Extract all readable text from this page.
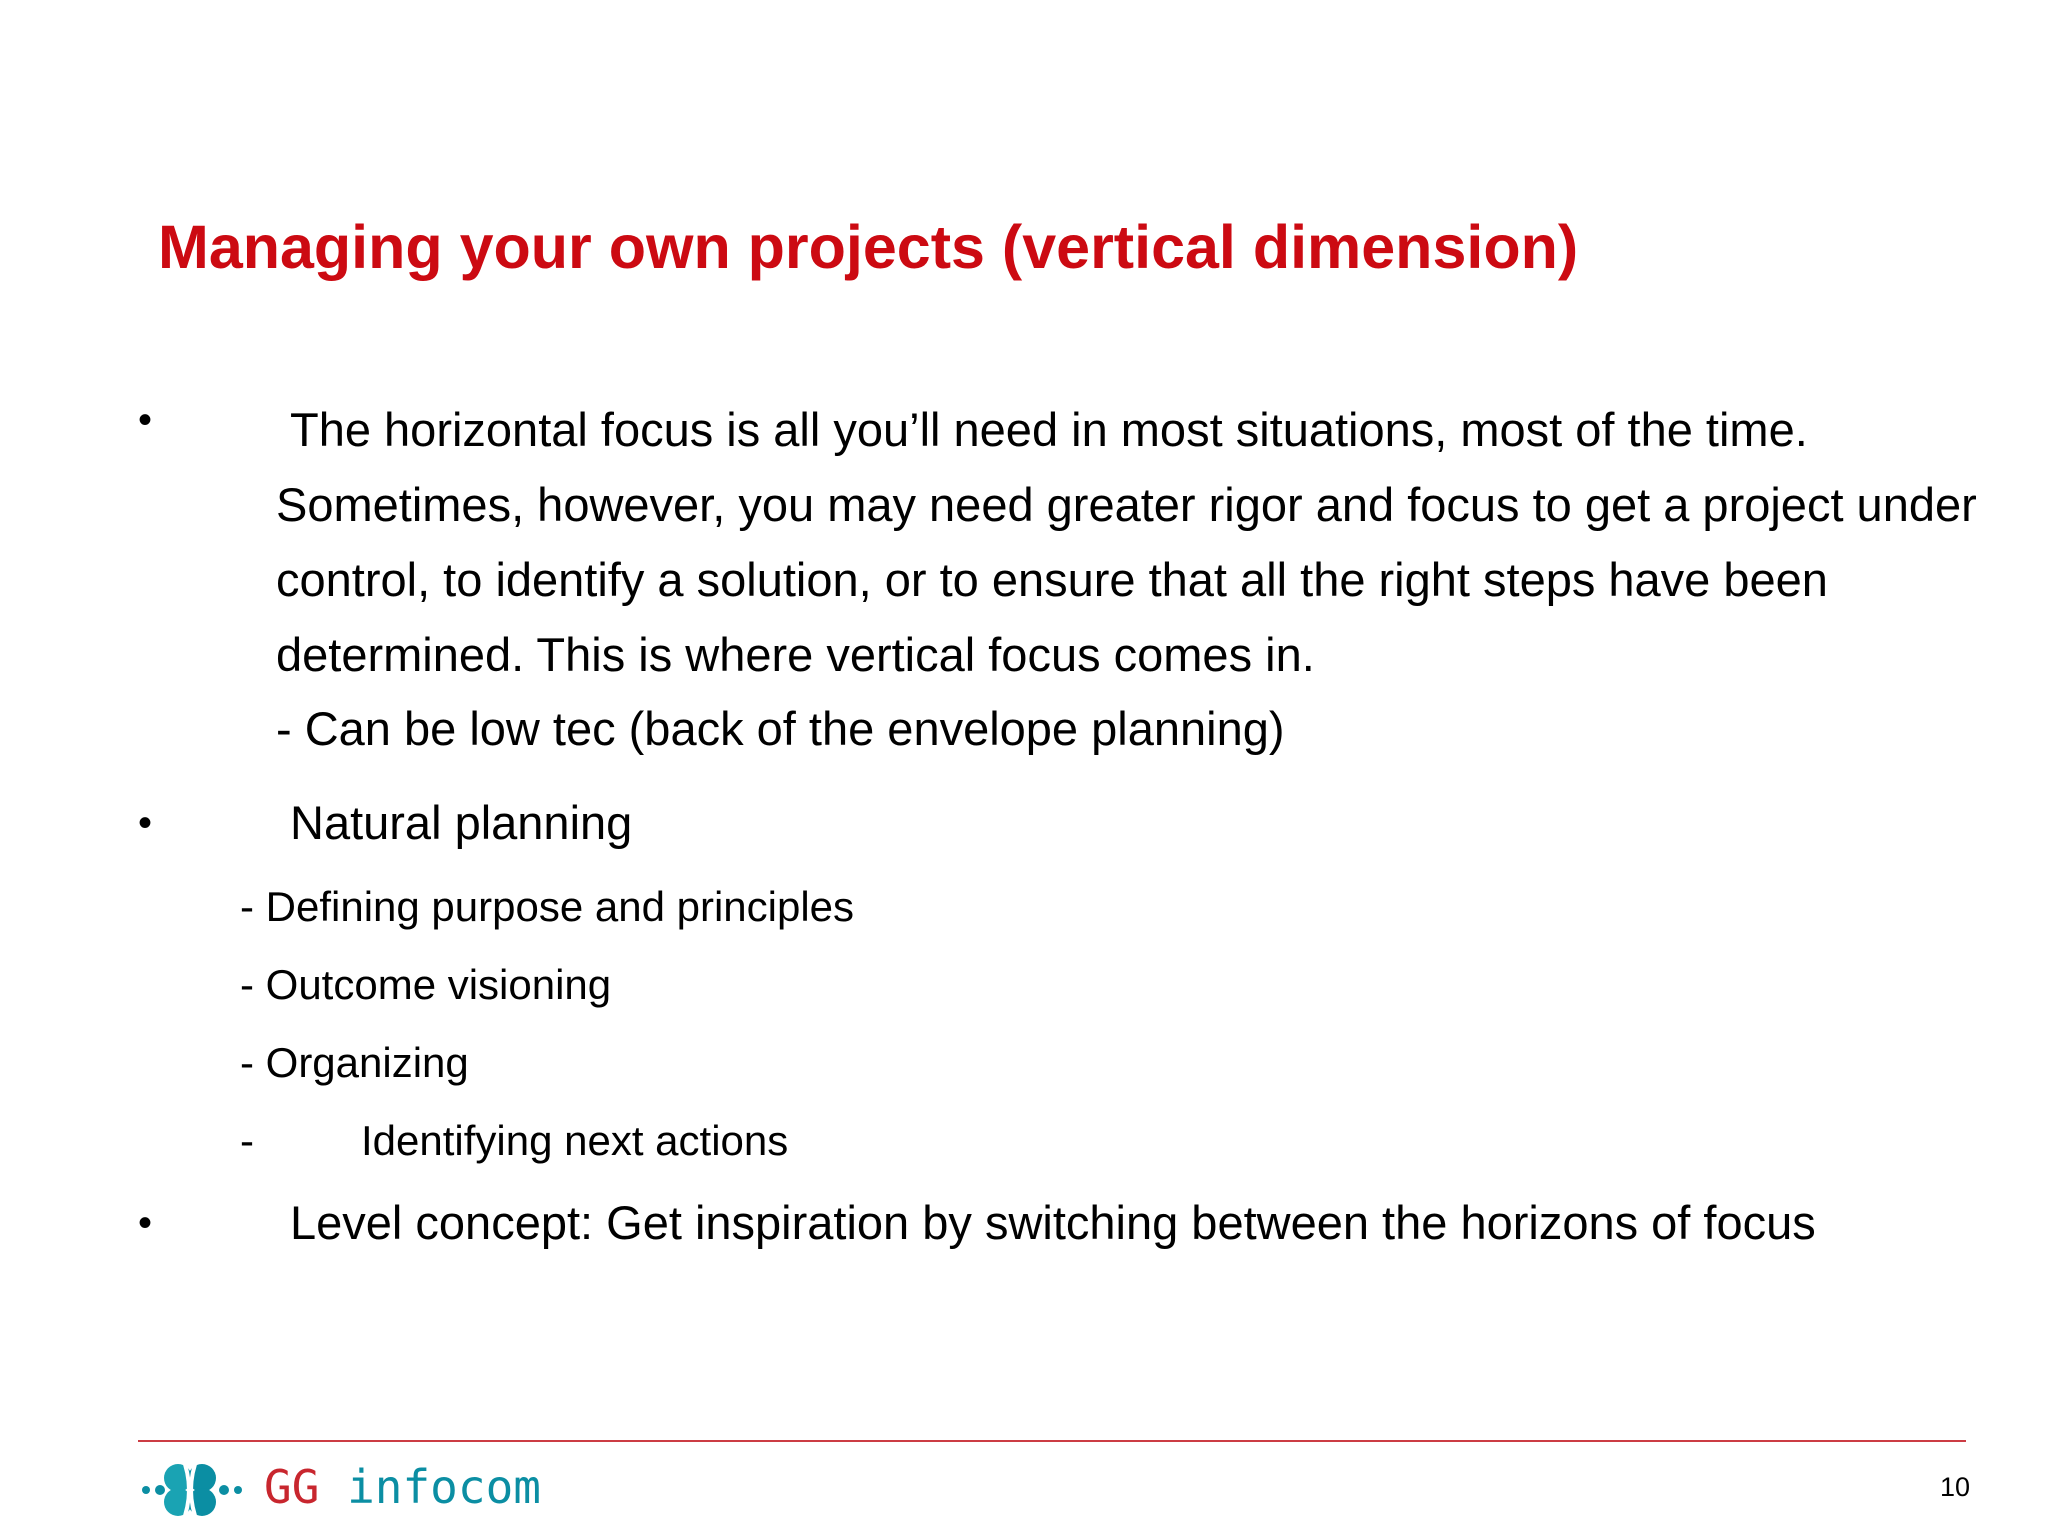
Managing your own projects (vertical dimension)
•	The horizontal focus is all you’ll need in most situations, most of the time.
Sometimes, however, you may need greater rigor and focus to get a project under control, to identify a solution, or to ensure that all the right steps have been determined. This is where vertical focus comes in.
- Can be low tec (back of the envelope planning)
•	Natural planning
- Defining purpose and principles
- Outcome visioning
- Organizing
-	Identifying next actions
•	Level concept: Get inspiration by switching between the horizons of focus
GG infocom	10
